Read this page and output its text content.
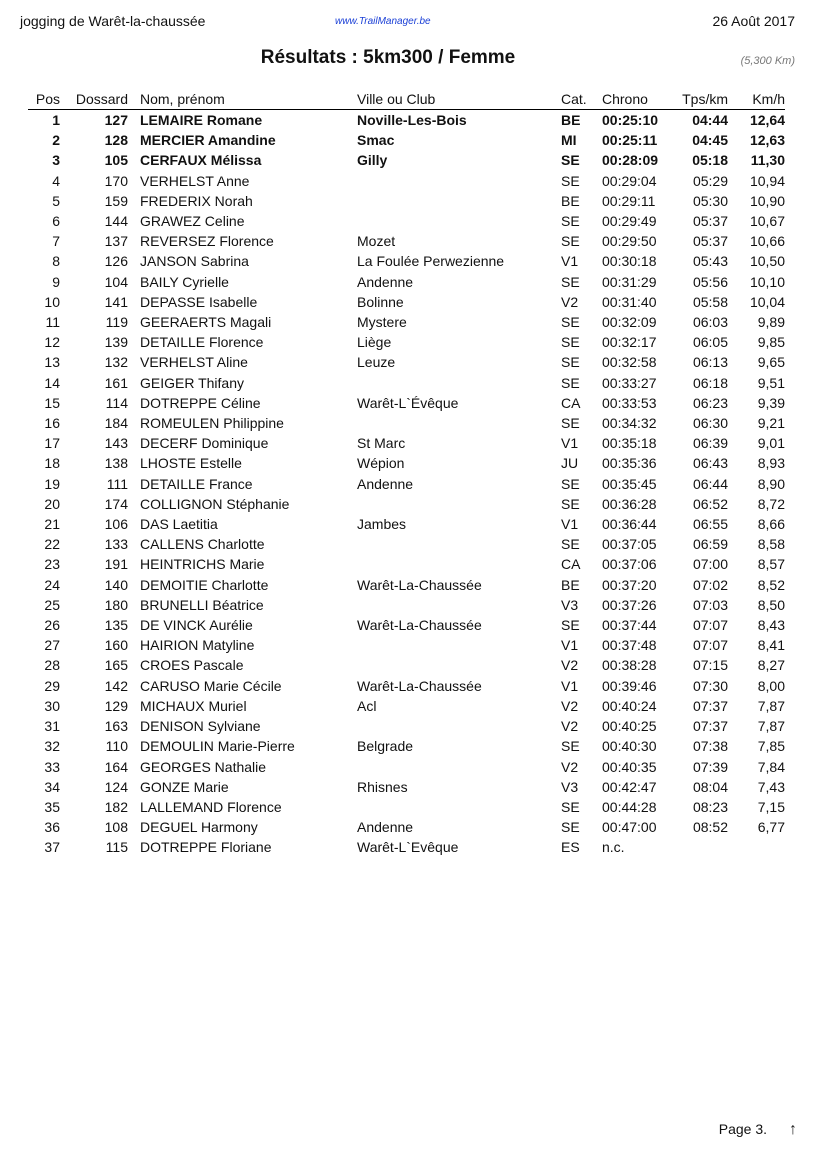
jogging de Warêt-la-chaussée	www.TrailManager.be	26 Août 2017
Résultats : 5km300 / Femme	(5,300 Km)
Pos	Dossard	Nom, prénom	Ville ou Club	Cat.	Chrono	Tps/km	Km/h
1	127	LEMAIRE Romane	Noville-Les-Bois	BE	00:25:10	04:44	12,64
2	128	MERCIER Amandine	Smac	MI	00:25:11	04:45	12,63
3	105	CERFAUX Mélissa	Gilly	SE	00:28:09	05:18	11,30
4	170	VERHELST Anne		SE	00:29:04	05:29	10,94
5	159	FREDERIX Norah		BE	00:29:11	05:30	10,90
6	144	GRAWEZ Celine		SE	00:29:49	05:37	10,67
7	137	REVERSEZ Florence	Mozet	SE	00:29:50	05:37	10,66
8	126	JANSON Sabrina	La Foulée Perwezienne	V1	00:30:18	05:43	10,50
9	104	BAILY Cyrielle	Andenne	SE	00:31:29	05:56	10,10
10	141	DEPASSE Isabelle	Bolinne	V2	00:31:40	05:58	10,04
11	119	GEERAERTS Magali	Mystere	SE	00:32:09	06:03	9,89
12	139	DETAILLE Florence	Liège	SE	00:32:17	06:05	9,85
13	132	VERHELST Aline	Leuze	SE	00:32:58	06:13	9,65
14	161	GEIGER Thifany		SE	00:33:27	06:18	9,51
15	114	DOTREPPE Céline	Warêt-L`Évêque	CA	00:33:53	06:23	9,39
16	184	ROMEULEN Philippine		SE	00:34:32	06:30	9,21
17	143	DECERF Dominique	St Marc	V1	00:35:18	06:39	9,01
18	138	LHOSTE Estelle	Wépion	JU	00:35:36	06:43	8,93
19	111	DETAILLE France	Andenne	SE	00:35:45	06:44	8,90
20	174	COLLIGNON Stéphanie		SE	00:36:28	06:52	8,72
21	106	DAS Laetitia	Jambes	V1	00:36:44	06:55	8,66
22	133	CALLENS Charlotte		SE	00:37:05	06:59	8,58
23	191	HEINTRICHS Marie		CA	00:37:06	07:00	8,57
24	140	DEMOITIE Charlotte	Warêt-La-Chaussée	BE	00:37:20	07:02	8,52
25	180	BRUNELLI Béatrice		V3	00:37:26	07:03	8,50
26	135	DE VINCK Aurélie	Warêt-La-Chaussée	SE	00:37:44	07:07	8,43
27	160	HAIRION Matyline		V1	00:37:48	07:07	8,41
28	165	CROES Pascale		V2	00:38:28	07:15	8,27
29	142	CARUSO Marie Cécile	Warêt-La-Chaussée	V1	00:39:46	07:30	8,00
30	129	MICHAUX Muriel	Acl	V2	00:40:24	07:37	7,87
31	163	DENISON Sylviane		V2	00:40:25	07:37	7,87
32	110	DEMOULIN Marie-Pierre	Belgrade	SE	00:40:30	07:38	7,85
33	164	GEORGES Nathalie		V2	00:40:35	07:39	7,84
34	124	GONZE Marie	Rhisnes	V3	00:42:47	08:04	7,43
35	182	LALLEMAND Florence		SE	00:44:28	08:23	7,15
36	108	DEGUEL Harmony	Andenne	SE	00:47:00	08:52	6,77
37	115	DOTREPPE Floriane	Warêt-L`Evêque	ES	n.c.		
Page 3. ↑
